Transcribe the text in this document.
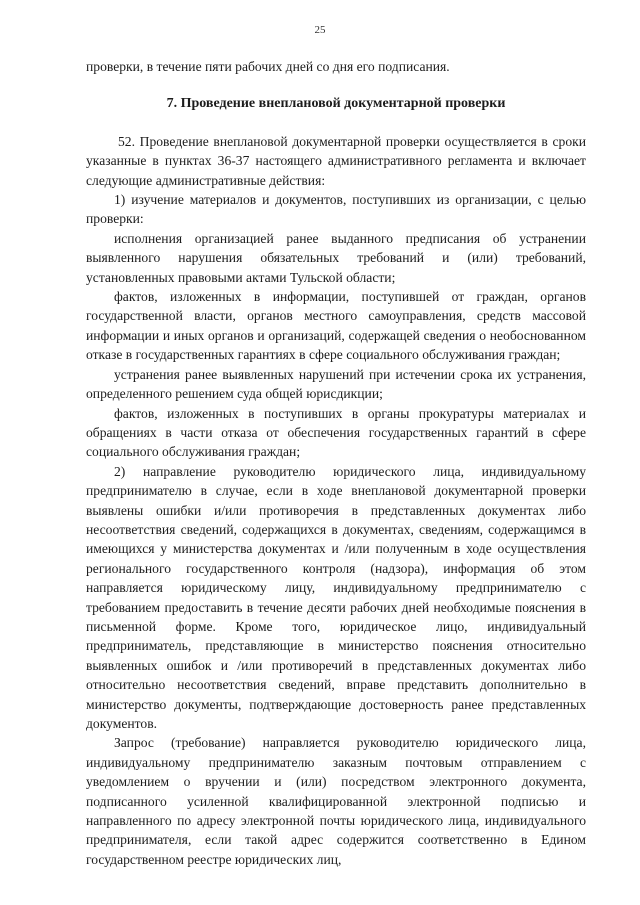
25

проверки, в течение пяти рабочих дней со дня его подписания.

7. Проведение внеплановой документарной проверки

52. Проведение внеплановой документарной проверки осуществляется в сроки указанные в пунктах 36-37 настоящего административного регламента и включает следующие административные действия:

1) изучение материалов и документов, поступивших из организации, с целью проверки:

исполнения организацией ранее выданного предписания об устранении выявленного нарушения обязательных требований и (или) требований, установленных правовыми актами Тульской области;

фактов, изложенных в информации, поступившей от граждан, органов государственной власти, органов местного самоуправления, средств массовой информации и иных органов и организаций, содержащей сведения о необоснованном отказе в государственных гарантиях в сфере социального обслуживания граждан;

устранения ранее выявленных нарушений при истечении срока их устранения, определенного решением суда общей юрисдикции;

фактов, изложенных в поступивших в органы прокуратуры материалах и обращениях в части отказа от обеспечения государственных гарантий в сфере социального обслуживания граждан;

2) направление руководителю юридического лица, индивидуальному предпринимателю в случае, если в ходе внеплановой документарной проверки выявлены ошибки и/или противоречия в представленных документах либо несоответствия сведений, содержащихся в документах, сведениям, содержащимся в имеющихся у министерства документах и /или полученным в ходе осуществления регионального государственного контроля (надзора), информация об этом направляется юридическому лицу, индивидуальному предпринимателю с требованием предоставить в течение десяти рабочих дней необходимые пояснения в письменной форме. Кроме того, юридическое лицо, индивидуальный предприниматель, представляющие в министерство пояснения относительно выявленных ошибок и /или противоречий в представленных документах либо относительно несоответствия сведений, вправе представить дополнительно в министерство документы, подтверждающие достоверность ранее представленных документов.

Запрос (требование) направляется руководителю юридического лица, индивидуальному предпринимателю заказным почтовым отправлением с уведомлением о вручении и (или) посредством электронного документа, подписанного усиленной квалифицированной электронной подписью и направленного по адресу электронной почты юридического лица, индивидуального предпринимателя, если такой адрес содержится соответственно в Едином государственном реестре юридических лиц,
